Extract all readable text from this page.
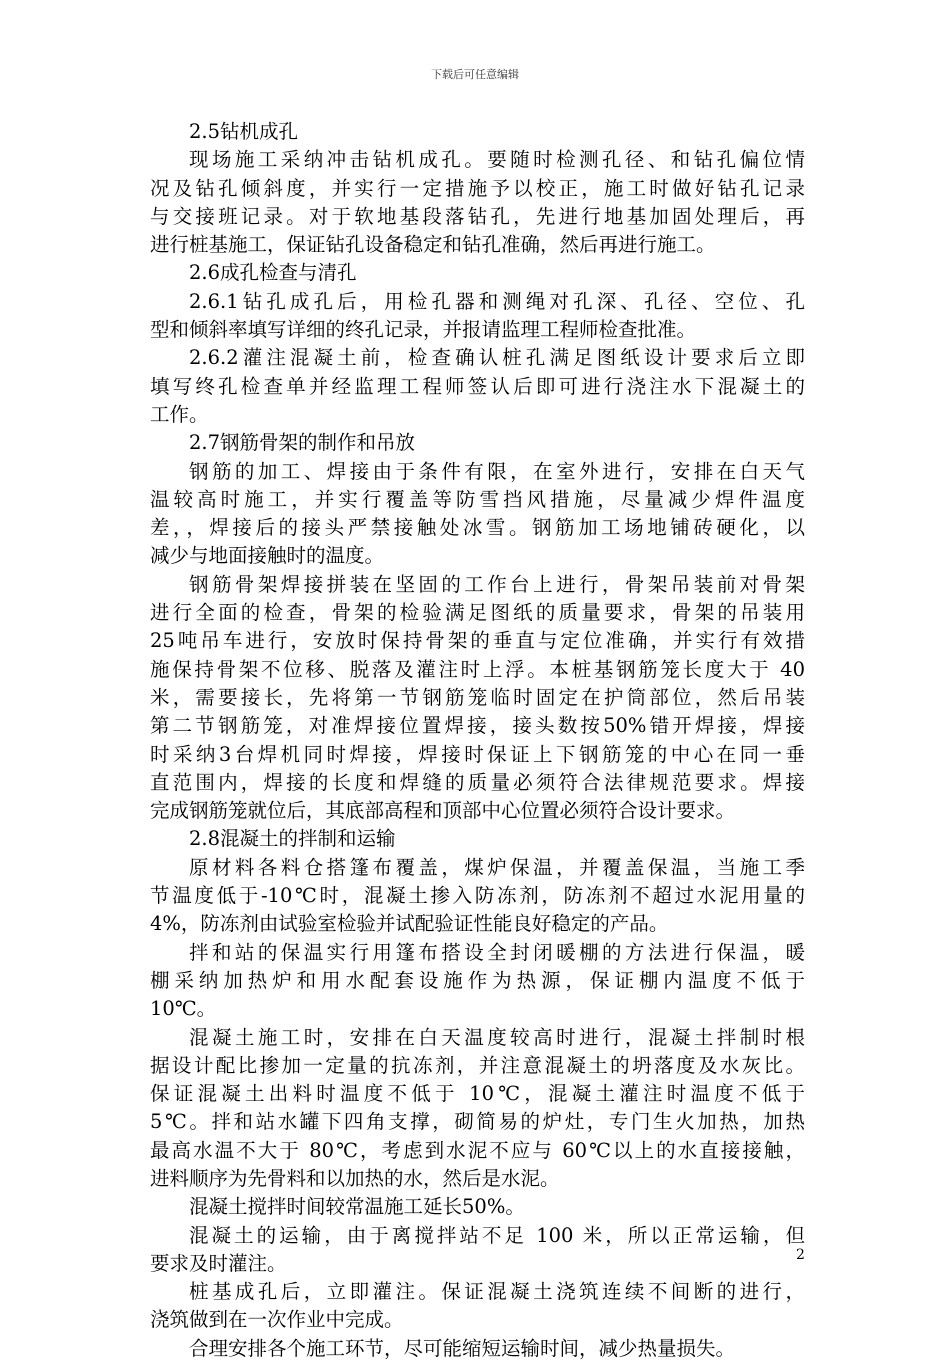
下载后可任意编辑
2.5钻机成孔
现场施工采纳冲击钻机成孔。要随时检测孔径、和钻孔偏位情
况及钻孔倾斜度，并实行一定措施予以校正，施工时做好钻孔记录
与交接班记录。对于软地基段落钻孔，先进行地基加固处理后，再
进行桩基施工，保证钻孔设备稳定和钻孔准确，然后再进行施工。
2.6成孔检查与清孔
2.6.1钻孔成孔后，用检孔器和测绳对孔深、孔径、空位、孔
型和倾斜率填写详细的终孔记录，并报请监理工程师检查批准。
2.6.2灌注混凝土前，检查确认桩孔满足图纸设计要求后立即
填写终孔检查单并经监理工程师签认后即可进行浇注水下混凝土的
工作。
2.7钢筋骨架的制作和吊放
钢筋的加工、焊接由于条件有限，在室外进行，安排在白天气
温较高时施工，并实行覆盖等防雪挡风措施，尽量减少焊件温度
差，，焊接后的接头严禁接触处冰雪。钢筋加工场地铺砖硬化，以
减少与地面接触时的温度。
钢筋骨架焊接拼装在坚固的工作台上进行，骨架吊装前对骨架
进行全面的检查，骨架的检验满足图纸的质量要求，骨架的吊装用
25吨吊车进行，安放时保持骨架的垂直与定位准确，并实行有效措
施保持骨架不位移、脱落及灌注时上浮。本桩基钢筋笼长度大于 40
米，需要接长，先将第一节钢筋笼临时固定在护筒部位，然后吊装
第二节钢筋笼，对准焊接位置焊接，接头数按50%错开焊接，焊接
时采纳3台焊机同时焊接，焊接时保证上下钢筋笼的中心在同一垂
直范围内，焊接的长度和焊缝的质量必须符合法律规范要求。焊接
完成钢筋笼就位后，其底部高程和顶部中心位置必须符合设计要求。
2.8混凝土的拌制和运输
原材料各料仓搭篷布覆盖，煤炉保温，并覆盖保温，当施工季
节温度低于-10℃时，混凝土掺入防冻剂，防冻剂不超过水泥用量的
4%，防冻剂由试验室检验并试配验证性能良好稳定的产品。
拌和站的保温实行用篷布搭设全封闭暖棚的方法进行保温，暖
棚采纳加热炉和用水配套设施作为热源，保证棚内温度不低于
10℃。
混凝土施工时，安排在白天温度较高时进行，混凝土拌制时根
据设计配比掺加一定量的抗冻剂，并注意混凝土的坍落度及水灰比。
保证混凝土出料时温度不低于 10℃，混凝土灌注时温度不低于
5℃。拌和站水罐下四角支撑，砌简易的炉灶，专门生火加热，加热
最高水温不大于 80℃，考虑到水泥不应与 60℃以上的水直接接触，
进料顺序为先骨料和以加热的水，然后是水泥。
混凝土搅拌时间较常温施工延长50%。
混凝土的运输，由于离搅拌站不足 100 米，所以正常运输，但
要求及时灌注。
桩基成孔后，立即灌注。保证混凝土浇筑连续不间断的进行，
浇筑做到在一次作业中完成。
合理安排各个施工环节，尽可能缩短运输时间，减少热量损失。
2
